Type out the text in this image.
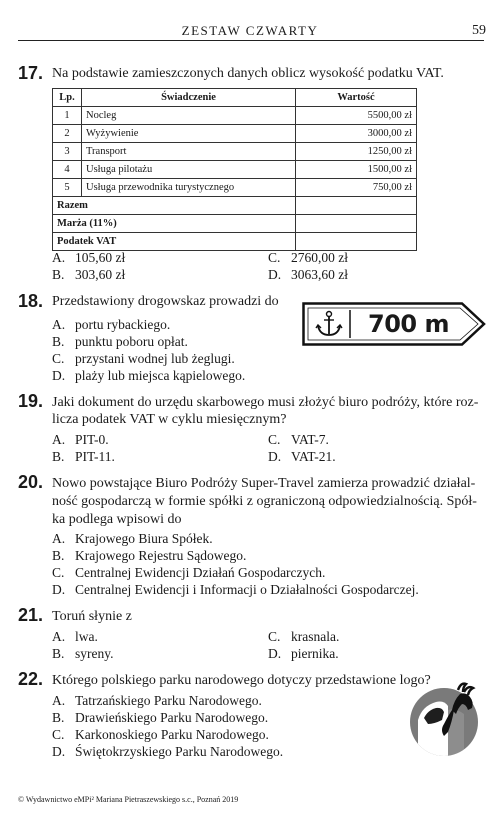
ZESTAW CZWARTY	59
17. Na podstawie zamieszczonych danych oblicz wysokość podatku VAT.
Lp.	Świadczenie	Wartość
1	Nocleg	5500,00 zł
2	Wyżywienie	3000,00 zł
3	Transport	1250,00 zł
4	Usługa pilotażu	1500,00 zł
5	Usługa przewodnika turystycznego	750,00 zł
Razem		
Marża (11%)		
Podatek VAT		
A. 105,60 zł
B. 303,60 zł
C. 2760,00 zł
D. 3063,60 zł
18. Przedstawiony drogowskaz prowadzi do
700 m
A. portu rybackiego.
B. punktu poboru opłat.
C. przystani wodnej lub żeglugi.
D. plaży lub miejsca kąpielowego.
19. Jaki dokument do urzędu skarbowego musi złożyć biuro podróży, które roz-
licza podatek VAT w cyklu miesięcznym?
A. PIT-0.
B. PIT-11.
C. VAT-7.
D. VAT-21.
20. Nowo powstające Biuro Podróży Super-Travel zamierza prowadzić działal-
ność gospodarczą w formie spółki z ograniczoną odpowiedzialnością. Spół-
ka podlega wpisowi do
A. Krajowego Biura Spółek.
B. Krajowego Rejestru Sądowego.
C. Centralnej Ewidencji Działań Gospodarczych.
D. Centralnej Ewidencji i Informacji o Działalności Gospodarczej.
21. Toruń słynie z
A. lwa.
B. syreny.
C. krasnala.
D. piernika.
22. Którego polskiego parku narodowego dotyczy przedstawione logo?
A. Tatrzańskiego Parku Narodowego.
B. Drawieńskiego Parku Narodowego.
C. Karkonoskiego Parku Narodowego.
D. Świętokrzyskiego Parku Narodowego.
© Wydawnictwo eMPi² Mariana Pietraszewskiego s.c., Poznań 2019
